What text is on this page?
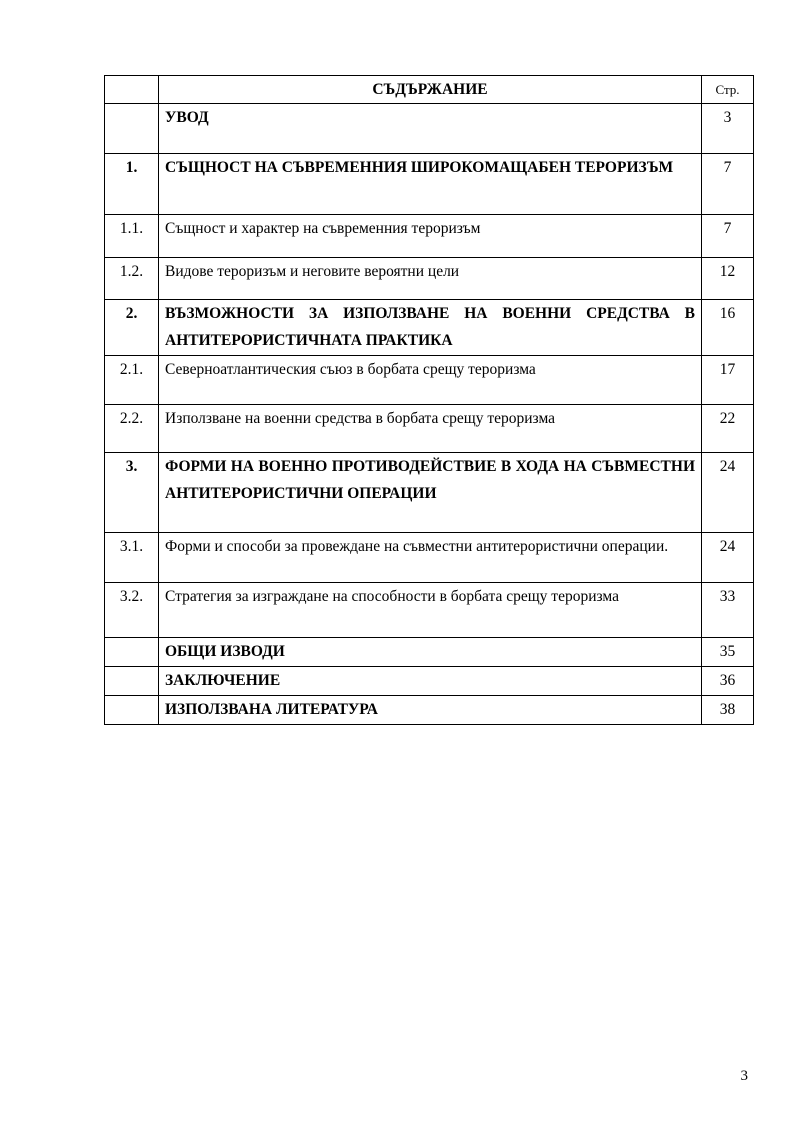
	СЪДЪРЖАНИЕ	Стр.
	УВОД	3
1.	СЪЩНОСТ НА СЪВРЕМЕННИЯ ШИРОКОМАЩАБЕН ТЕРОРИЗЪМ	7
1.1.	Същност и характер на съвременния тероризъм	7
1.2.	Видове тероризъм и неговите вероятни цели	12
2.	ВЪЗМОЖНОСТИ ЗА ИЗПОЛЗВАНЕ НА ВОЕННИ СРЕДСТВА В АНТИТЕРОРИСТИЧНАТА ПРАКТИКА	16
2.1.	Северноатлантическия съюз в борбата срещу тероризма	17
2.2.	Използване на военни средства в борбата срещу тероризма	22
3.	ФОРМИ НА ВОЕННО ПРОТИВОДЕЙСТВИЕ В ХОДА НА СЪВМЕСТНИ АНТИТЕРОРИСТИЧНИ ОПЕРАЦИИ	24
3.1.	Форми и способи за провеждане на съвместни антитерористични операции.	24
3.2.	Стратегия за изграждане на способности в борбата срещу тероризма	33
	ОБЩИ ИЗВОДИ	35
	ЗАКЛЮЧЕНИЕ	36
	ИЗПОЛЗВАНА ЛИТЕРАТУРА	38
3
